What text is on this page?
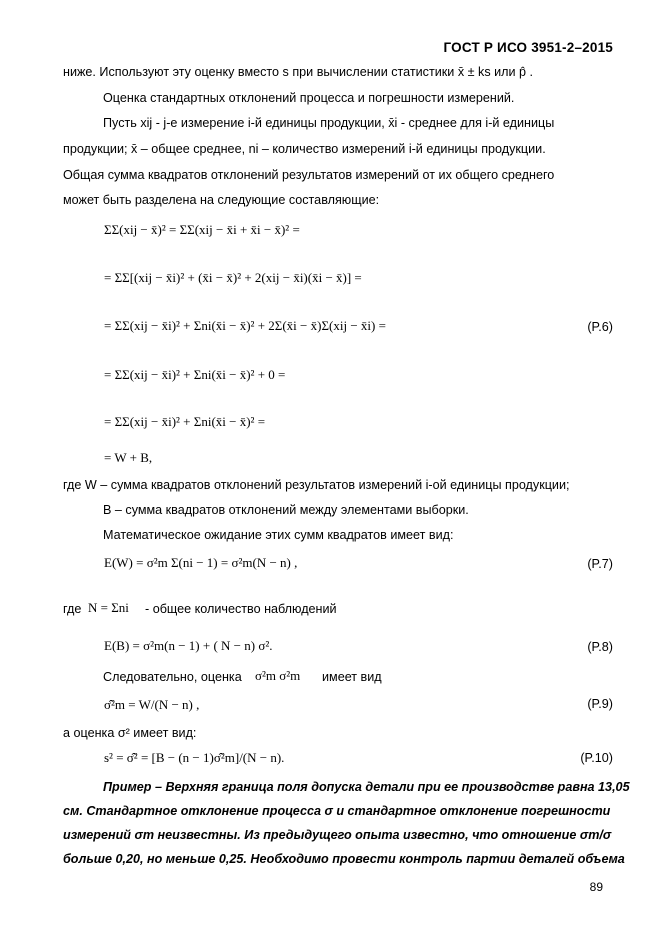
ГОСТ Р ИСО 3951-2–2015
ниже. Используют эту оценку вместо s при вычислении статистики x̄ ± ks или p̂ .
Оценка стандартных отклонений процесса и погрешности измерений.
Пусть xij - j-е измерение i-й единицы продукции, x̄i - среднее для i-й единицы
продукции; x̄ – общее среднее, ni – количество измерений i-й единицы продукции.
Общая сумма квадратов отклонений результатов измерений от их общего среднего
может быть разделена на следующие составляющие:
ΣΣ(xij − x̄)² = ΣΣ(xij − x̄i + x̄i − x̄)² =
= ΣΣ[(xij − x̄i)² + (x̄i − x̄)² + 2(xij − x̄i)(x̄i − x̄)] =
= ΣΣ(xij − x̄i)² + Σni(x̄i − x̄)² + 2Σ(x̄i − x̄)Σ(xij − x̄i) =	(P.6)
= ΣΣ(xij − x̄i)² + Σni(x̄i − x̄)² + 0 =
= ΣΣ(xij − x̄i)² + Σni(x̄i − x̄)² =
= W + B,
где W – сумма квадратов отклонений результатов измерений i-ой единицы продукции;
B – сумма квадратов отклонений между элементами выборки.
Математическое ожидание этих сумм квадратов имеет вид:
E(W) = σ²m Σ(ni − 1) = σ²m(N − n) ,	(P.7)
где N = Σni - общее количество наблюдений
E(B) = σ²m(n − 1) + ( N − n) σ².	(P.8)
Следовательно, оценка σ²m σ²m имеет вид
σ̂²m = W/(N − n) ,	(P.9)
а оценка σ² имеет вид:
s² = σ̂² = [B − (n − 1)σ̂²m]/(N − n).	(P.10)
Пример – Верхняя граница поля допуска детали при ее производстве равна 13,05
см. Стандартное отклонение процесса σ и стандартное отклонение погрешности
измерений σm неизвестны. Из предыдущего опыта известно, что отношение σm/σ
больше 0,20, но меньше 0,25. Необходимо провести контроль партии деталей объема
89
